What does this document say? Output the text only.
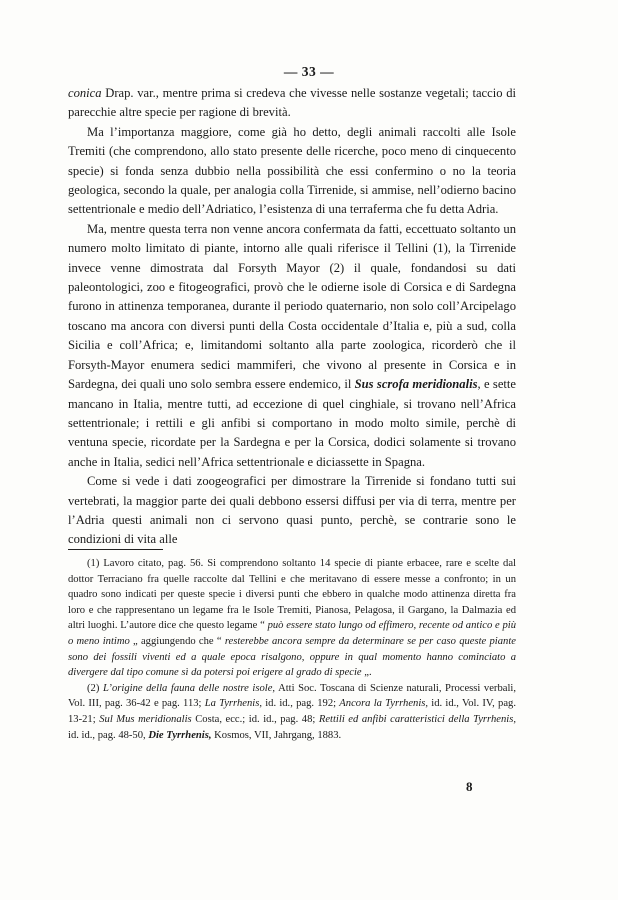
— 33 —

conica Drap. var., mentre prima si credeva che vivesse nelle sostanze vegetali; taccio di parecchie altre specie per ragione di brevità.

Ma l’importanza maggiore, come già ho detto, degli animali raccolti alle Isole Tremiti (che comprendono, allo stato presente delle ricerche, poco meno di cinquecento specie) si fonda senza dubbio nella possibilità che essi confermino o no la teoria geologica, secondo la quale, per analogia colla Tirrenide, si ammise, nell’odierno bacino settentrionale e medio dell’Adriatico, l’esistenza di una terraferma che fu detta Adria.

Ma, mentre questa terra non venne ancora confermata da fatti, eccettuato soltanto un numero molto limitato di piante, intorno alle quali riferisce il Tellini (1), la Tirrenide invece venne dimostrata dal Forsyth Mayor (2) il quale, fondandosi su dati paleontologici, zoo e fitogeografici, provò che le odierne isole di Corsica e di Sardegna furono in attinenza temporanea, durante il periodo quaternario, non solo coll’Arcipelago toscano ma ancora con diversi punti della Costa occidentale d’Italia e, più a sud, colla Sicilia e coll’Africa; e, limitandomi soltanto alla parte zoologica, ricorderò che il Forsyth-Mayor enumera sedici mammiferi, che vivono al presente in Corsica e in Sardegna, dei quali uno solo sembra essere endemico, il Sus scrofa meridionalis, e sette mancano in Italia, mentre tutti, ad eccezione di quel cinghiale, si trovano nell’Africa settentrionale; i rettili e gli anfibi si comportano in modo molto simile, perchè di ventuna specie, ricordate per la Sardegna e per la Corsica, dodici solamente si trovano anche in Italia, sedici nell’Africa settentrionale e diciassette in Spagna.

Come si vede i dati zoogeografici per dimostrare la Tirrenide si fondano tutti sui vertebrati, la maggior parte dei quali debbono essersi diffusi per via di terra, mentre per l’Adria questi animali non ci servono quasi punto, perchè, se contrarie sono le condizioni di vita alle

(1) Lavoro citato, pag. 56. Si comprendono soltanto 14 specie di piante erbacee, rare e scelte dal dottor Terraciano fra quelle raccolte dal Tellini e che meritavano di essere messe a confronto; in un quadro sono indicati per queste specie i diversi punti che ebbero in qualche modo attinenza diretta fra loro e che rappresentano un legame fra le Isole Tremiti, Pianosa, Pelagosa, il Gargano, la Dalmazia ed altri luoghi. L’autore dice che questo legame “ può essere stato lungo od effimero, recente od antico e più o meno intimo „ aggiungendo che “ resterebbe ancora sempre da determinare se per caso queste piante sono dei fossili viventi ed a quale epoca risalgono, oppure in qual momento hanno cominciato a divergere dal tipo comune sì da potersi poi erigere al grado di specie „.

(2) L’origine della fauna delle nostre isole, Atti Soc. Toscana di Scienze naturali, Processi verbali, Vol. III, pag. 36-42 e pag. 113; La Tyrrhenis, id. id., pag. 192; Ancora la Tyrrhenis, id. id., Vol. IV, pag. 13-21; Sul Mus meridionalis Costa, ecc.; id. id., pag. 48; Rettili ed anfibi caratteristici della Tyrrhenis, id. id., pag. 48-50, Die Tyrrhenis, Kosmos, VII, Jahrgang, 1883.

8
